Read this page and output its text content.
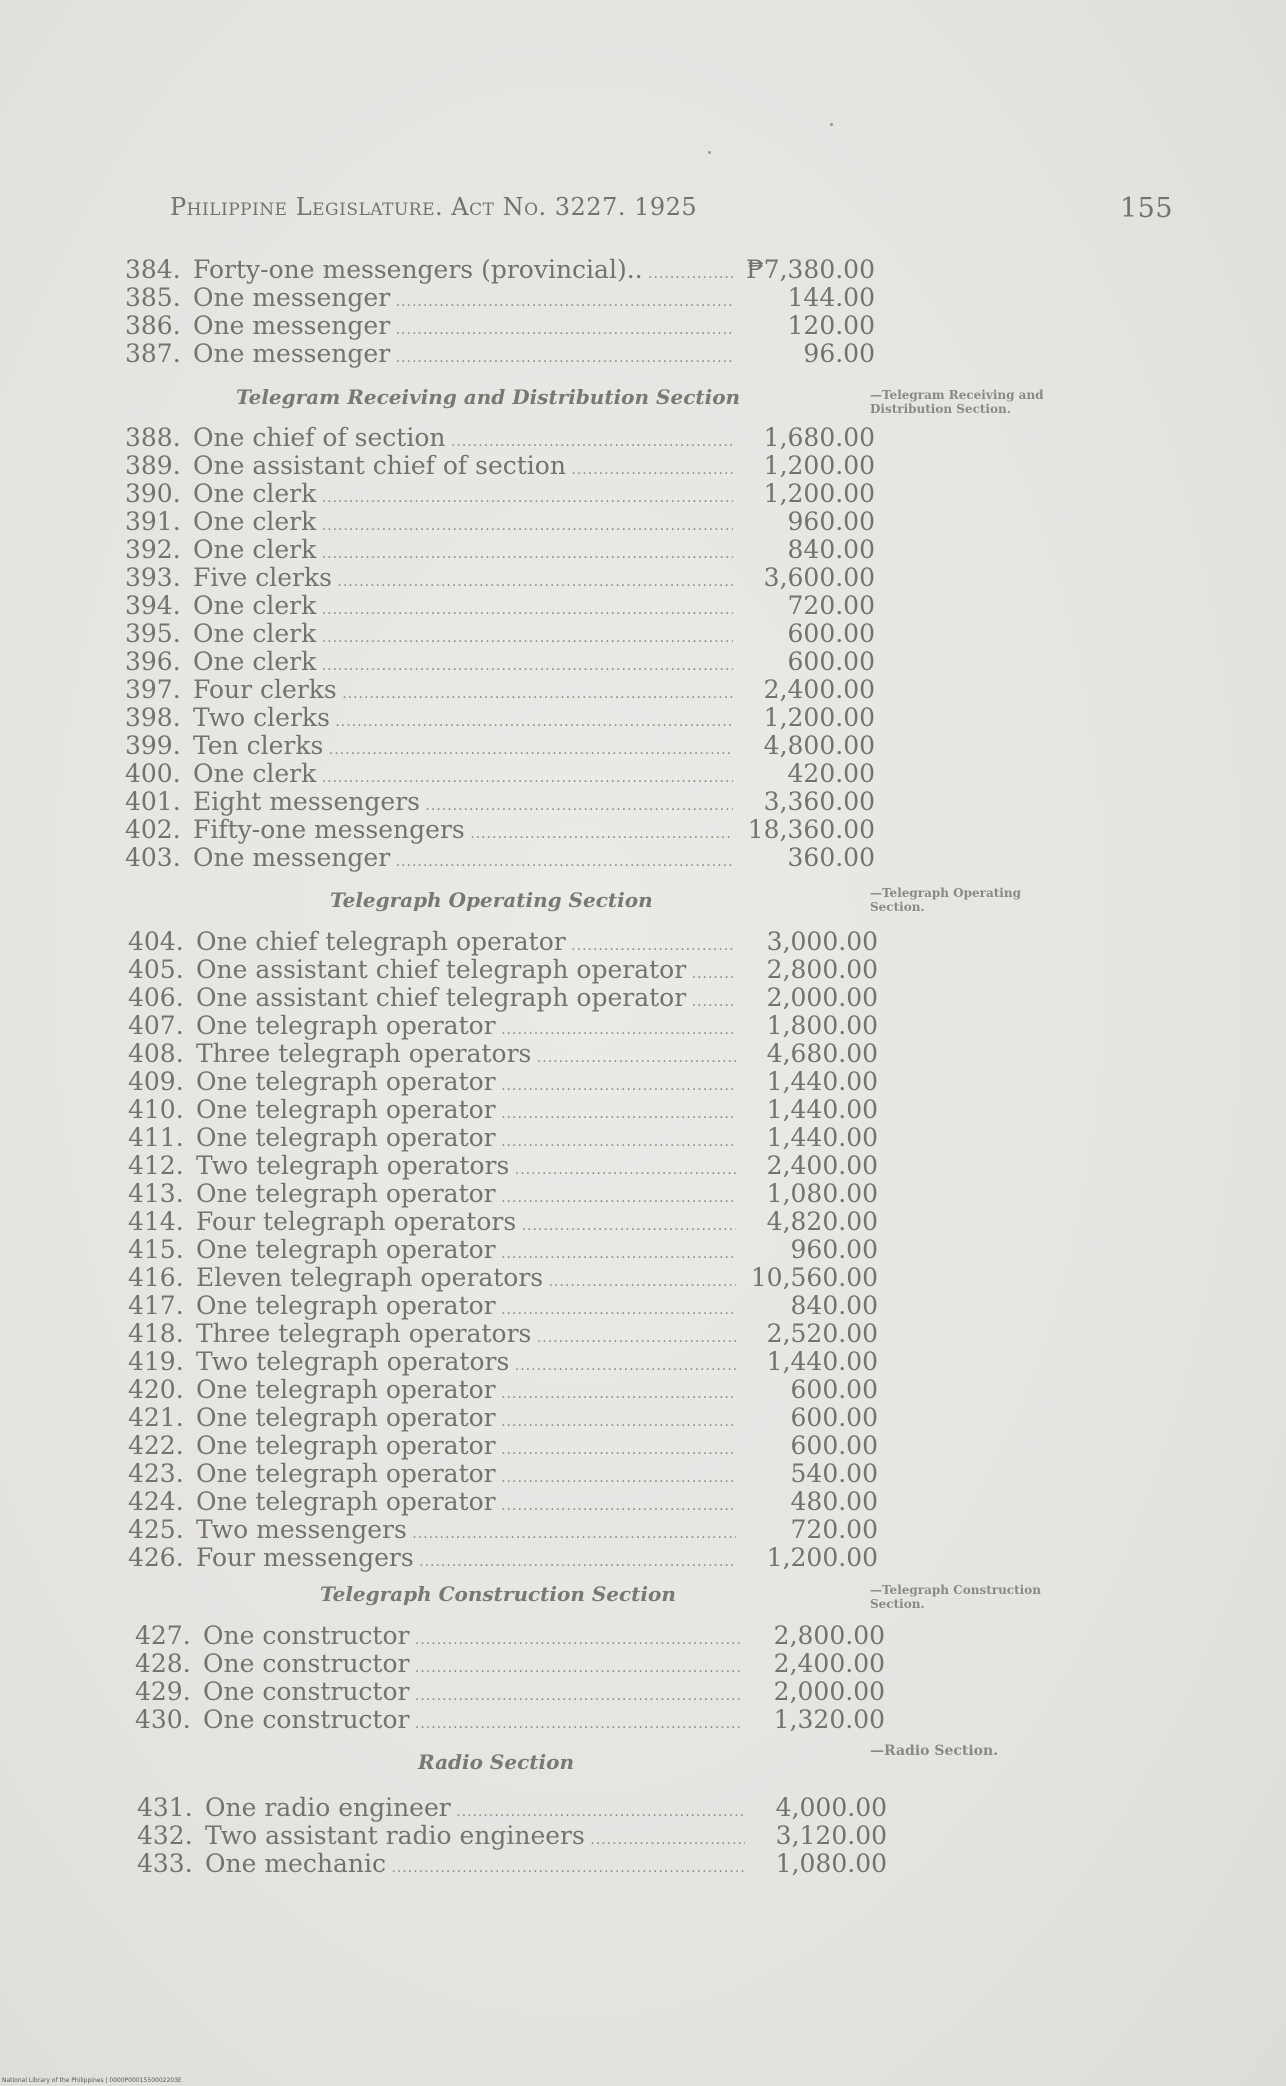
Philippine Legislature. Act No. 3227. 1925	155
384. Forty-one messengers (provincial).. .....	₱7,380.00
385. One messenger .....	144.00
386. One messenger .....	120.00
387. One messenger .....	96.00
Telegram Receiving and Distribution Section	—Telegram Receiving and Distribution Section.
388. One chief of section .....	1,680.00
389. One assistant chief of section .....	1,200.00
390. One clerk .....	1,200.00
391. One clerk .....	960.00
392. One clerk .....	840.00
393. Five clerks .....	3,600.00
394. One clerk .....	720.00
395. One clerk .....	600.00
396. One clerk .....	600.00
397. Four clerks .....	2,400.00
398. Two clerks .....	1,200.00
399. Ten clerks .....	4,800.00
400. One clerk .....	420.00
401. Eight messengers .....	3,360.00
402. Fifty-one messengers .....	18,360.00
403. One messenger .....	360.00
Telegraph Operating Section	—Telegraph Operating Section.
404. One chief telegraph operator .....	3,000.00
405. One assistant chief telegraph operator .....	2,800.00
406. One assistant chief telegraph operator .....	2,000.00
407. One telegraph operator .....	1,800.00
408. Three telegraph operators .....	4,680.00
409. One telegraph operator .....	1,440.00
410. One telegraph operator .....	1,440.00
411. One telegraph operator .....	1,440.00
412. Two telegraph operators .....	2,400.00
413. One telegraph operator .....	1,080.00
414. Four telegraph operators .....	4,820.00
415. One telegraph operator .....	960.00
416. Eleven telegraph operators .....	10,560.00
417. One telegraph operator .....	840.00
418. Three telegraph operators .....	2,520.00
419. Two telegraph operators .....	1,440.00
420. One telegraph operator .....	600.00
421. One telegraph operator .....	600.00
422. One telegraph operator .....	600.00
423. One telegraph operator .....	540.00
424. One telegraph operator .....	480.00
425. Two messengers .....	720.00
426. Four messengers .....	1,200.00
Telegraph Construction Section	—Telegraph Construction Section.
427. One constructor .....	2,800.00
428. One constructor .....	2,400.00
429. One constructor .....	2,000.00
430. One constructor .....	1,320.00
Radio Section	—Radio Section.
431. One radio engineer .....	4,000.00
432. Two assistant radio engineers .....	3,120.00
433. One mechanic .....	1,080.00
National Library of the Philippines | 0000P0001550002203E
